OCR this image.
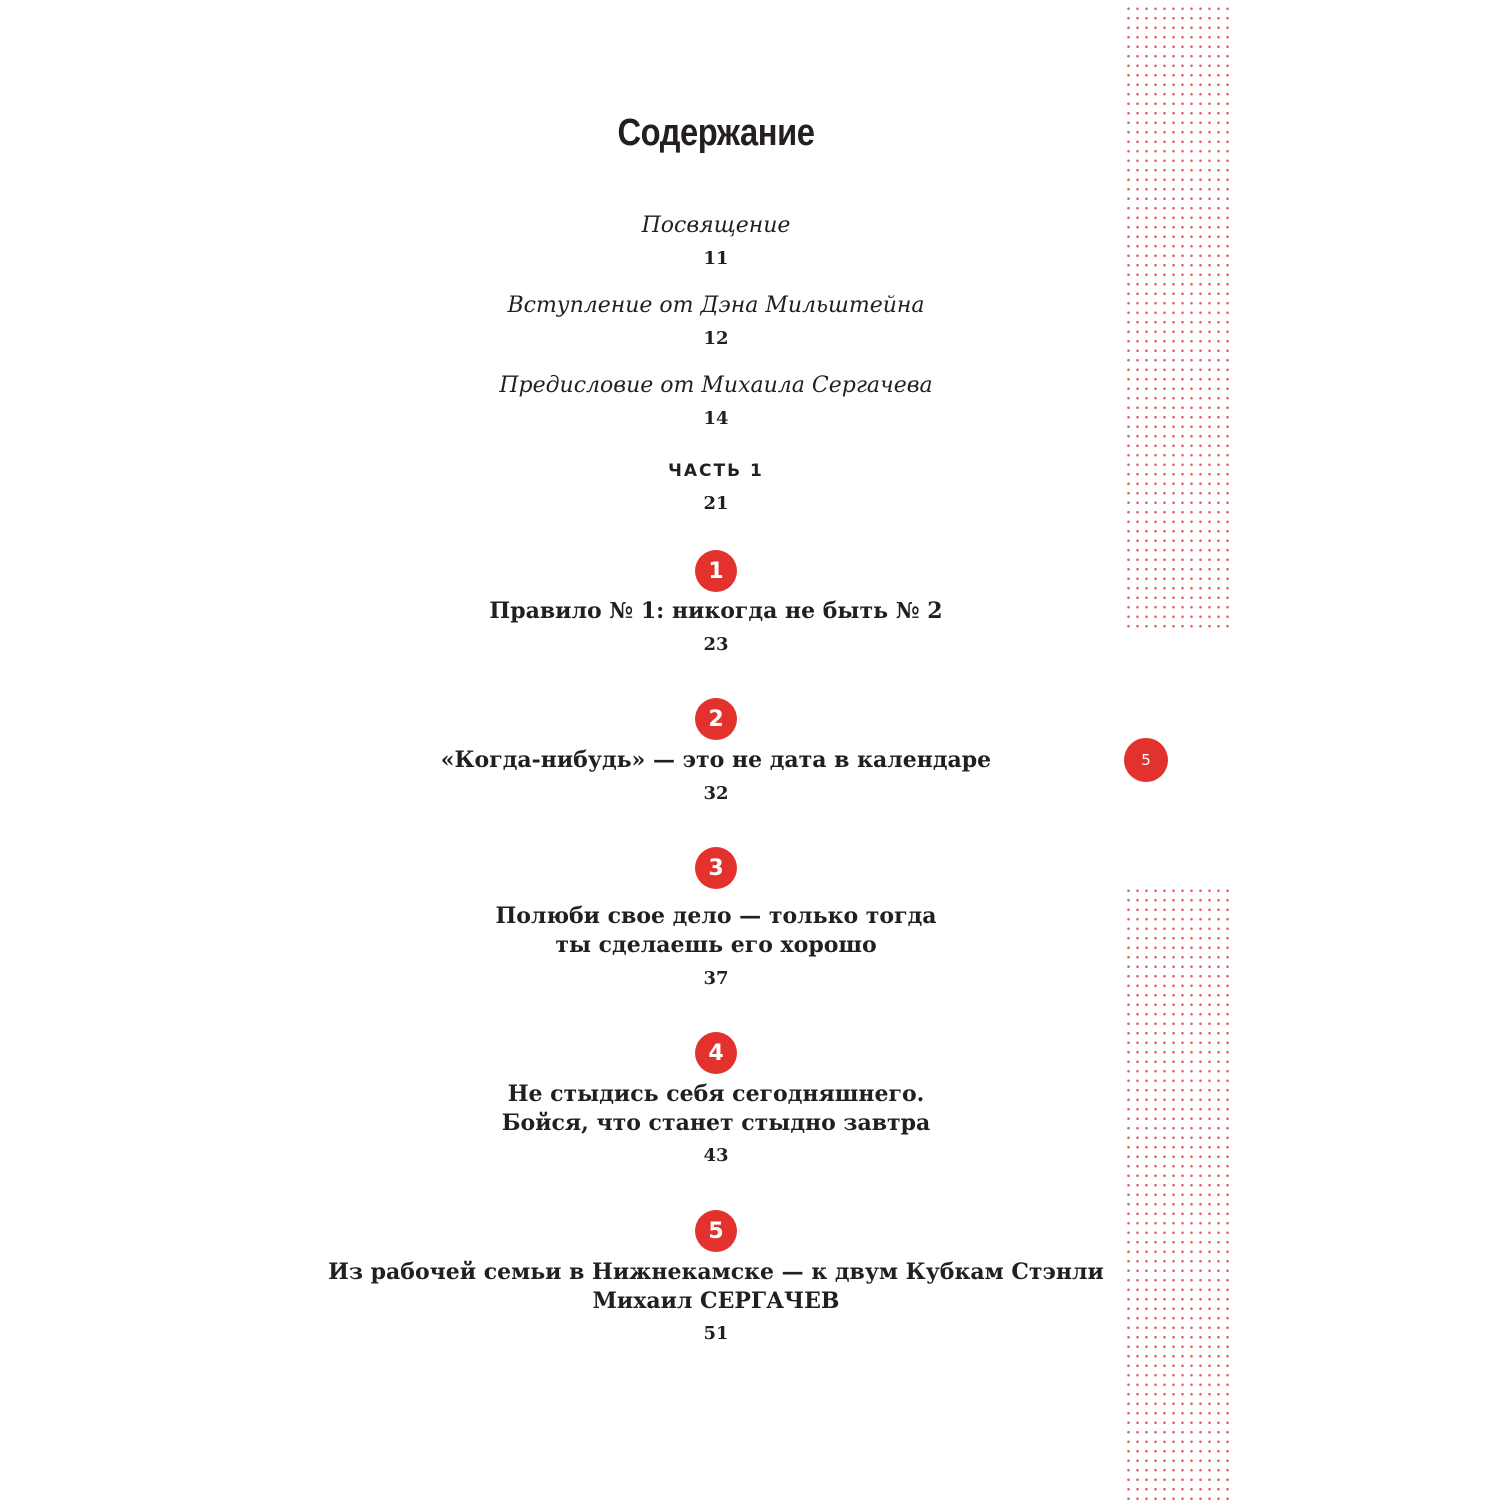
Содержание
Посвящение
11
Вступление от Дэна Мильштейна
12
Предисловие от Михаила Сергачева
14
ЧАСТЬ 1
21
1
Правило № 1: никогда не быть № 2
23
2
«Когда-нибудь» — это не дата в календаре
32
3
Полюби свое дело — только тогда
ты сделаешь его хорошо
37
4
Не стыдись себя сегодняшнего.
Бойся, что станет стыдно завтра
43
5
Из рабочей семьи в Нижнекамске — к двум Кубкам Стэнли
Михаил СЕРГАЧЕВ
51
5
